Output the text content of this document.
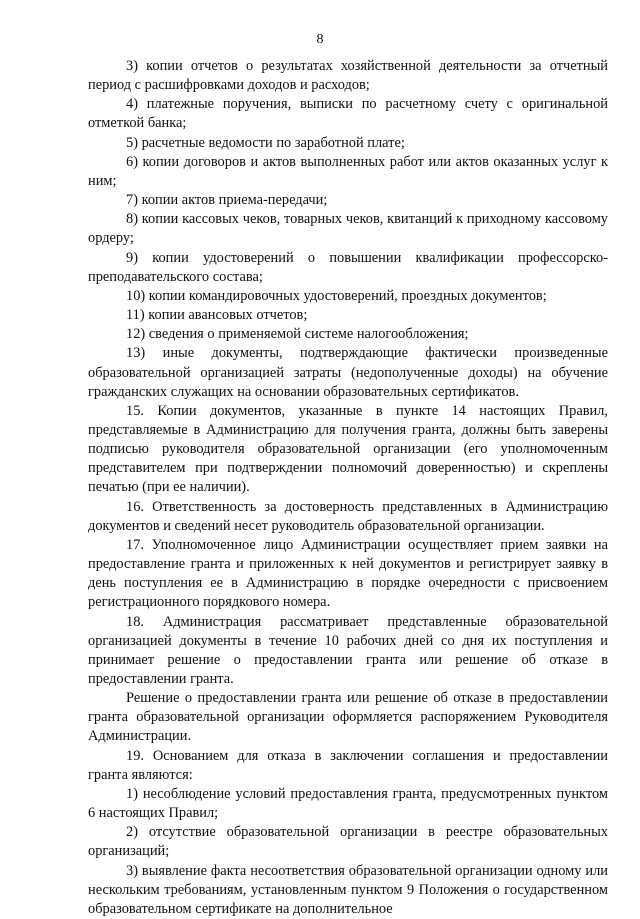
8

3) копии отчетов о результатах хозяйственной деятельности за отчетный период с расшифровками доходов и расходов;

4) платежные поручения, выписки по расчетному счету с оригинальной отметкой банка;

5) расчетные ведомости по заработной плате;

6) копии договоров и актов выполненных работ или актов оказанных услуг к ним;

7) копии актов приема-передачи;

8) копии кассовых чеков, товарных чеков, квитанций к приходному кассовому ордеру;

9) копии удостоверений о повышении квалификации профессорско-преподавательского состава;

10) копии командировочных удостоверений, проездных документов;

11) копии авансовых отчетов;

12) сведения о применяемой системе налогообложения;

13) иные документы, подтверждающие фактически произведенные образовательной организацией затраты (недополученные доходы) на обучение гражданских служащих на основании образовательных сертификатов.

15. Копии документов, указанные в пункте 14 настоящих Правил, представляемые в Администрацию для получения гранта, должны быть заверены подписью руководителя образовательной организации (его уполномоченным представителем при подтверждении полномочий доверенностью) и скреплены печатью (при ее наличии).

16. Ответственность за достоверность представленных в Администрацию документов и сведений несет руководитель образовательной организации.

17. Уполномоченное лицо Администрации осуществляет прием заявки на предоставление гранта и приложенных к ней документов и регистрирует заявку в день поступления ее в Администрацию в порядке очередности с присвоением регистрационного порядкового номера.

18. Администрация рассматривает представленные образовательной организацией документы в течение 10 рабочих дней со дня их поступления и принимает решение о предоставлении гранта или решение об отказе в предоставлении гранта.

Решение о предоставлении гранта или решение об отказе в предоставлении гранта образовательной организации оформляется распоряжением Руководителя Администрации.

19. Основанием для отказа в заключении соглашения и предоставлении гранта являются:

1) несоблюдение условий предоставления гранта, предусмотренных пунктом 6 настоящих Правил;

2) отсутствие образовательной организации в реестре образовательных организаций;

3) выявление факта несоответствия образовательной организации одному или нескольким требованиям, установленным пунктом 9 Положения о государственном образовательном сертификате на дополнительное
